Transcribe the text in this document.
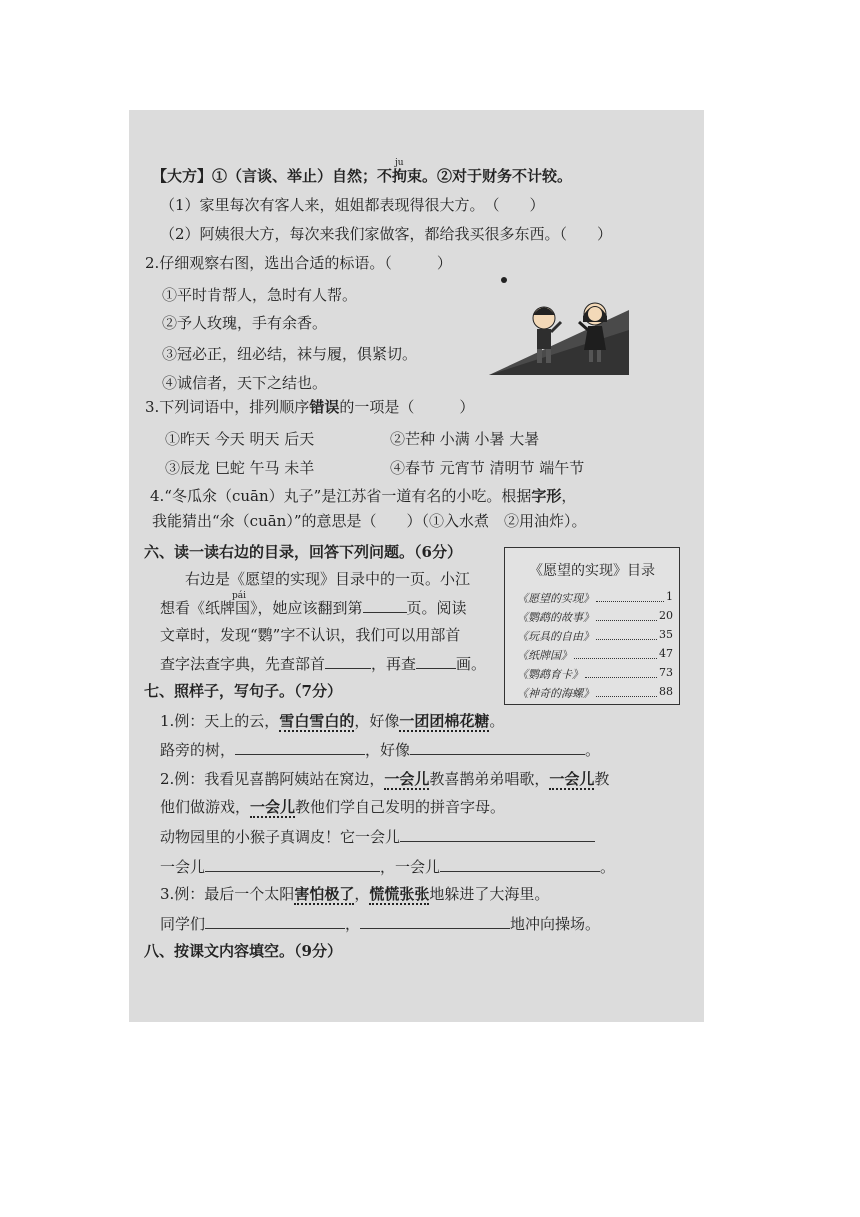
ju
pái
【大方】①（言谈、举止）自然；不拘束。②对于财务不计较。
（1）家里每次有客人来，姐姐都表现得很大方。　（　　）
（2）阿姨很大方，每次来我们家做客，都给我买很多东西。（　　）
2.仔细观察右图，选出合适的标语。（　　　）
①平时肯帮人，急时有人帮。
②予人玫瑰，手有余香。
③冠必正，纽必结，袜与履，俱紧切。
④诚信者，天下之结也。
3.下列词语中，排列顺序错误的一项是（　　　）
①昨天 今天 明天 后天	②芒种 小满 小暑 大暑
③辰龙 巳蛇 午马 未羊	④春节 元宵节 清明节 端午节
4.“冬瓜氽（cuān）丸子”是江苏省一道有名的小吃。根据字形，
我能猜出“氽（cuān）”的意思是（　　）（①入水煮　②用油炸）。
六、读一读右边的目录，回答下列问题。（6分）
右边是《愿望的实现》目录中的一页。小江
想看《纸牌国》，她应该翻到第	页。阅读
文章时，发现“鹦”字不认识，我们可以用部首
查字法查字典，先查部首	，再查	画。
《愿望的实现》目录
《愿望的实现》	1
《鹦鹉的故事》	20
《玩具的自由》	35
《纸牌国》	47
《鹦鹉育卡》	73
《神奇的海螺》	88
七、照样子，写句子。（7分）
1.例：天上的云，雪白雪白的，好像一团团棉花糖。
路旁的树，	，好像	。
2.例：我看见喜鹊阿姨站在窝边，一会儿教喜鹊弟弟唱歌，一会儿教
他们做游戏，一会儿教他们学自己发明的拼音字母。
动物园里的小猴子真调皮！它一会儿
一会儿	，一会儿	。
3.例：最后一个太阳害怕极了，慌慌张张地躲进了大海里。
同学们	，	地冲向操场。
八、按课文内容填空。（9分）
